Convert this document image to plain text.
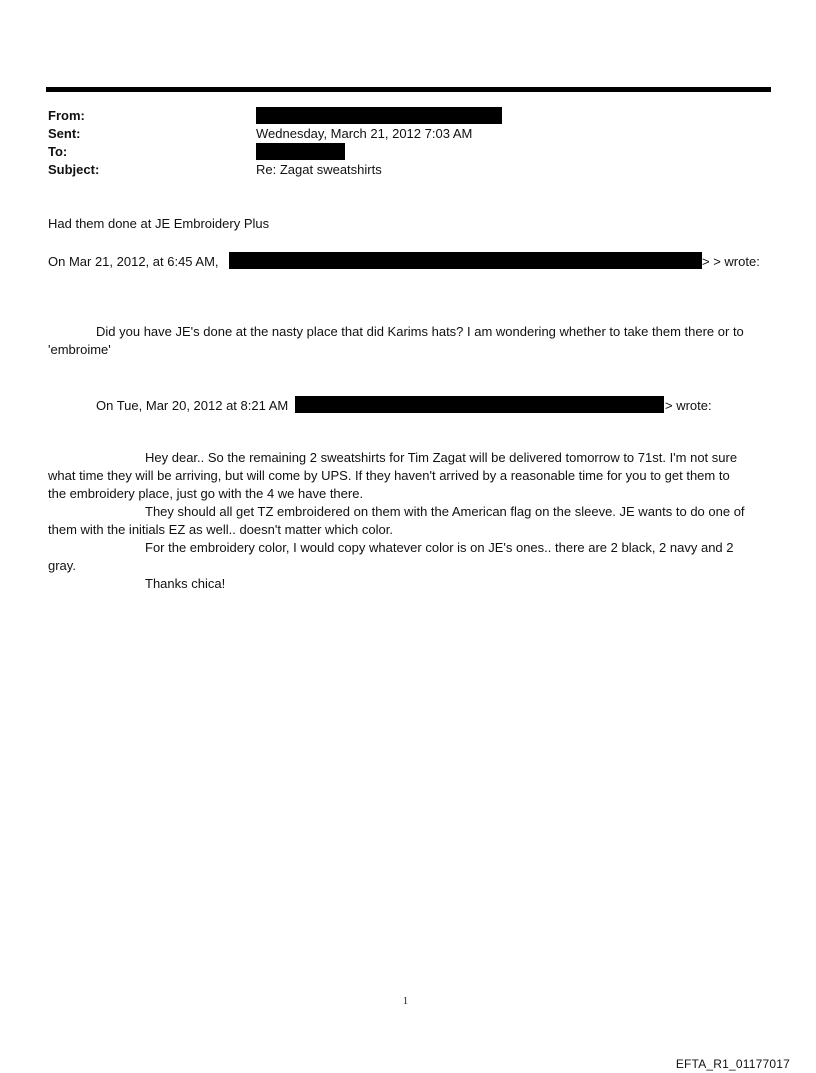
From:
Sent:	Wednesday, March 21, 2012 7:03 AM
To:
Subject:	Re: Zagat sweatshirts
Had them done at JE Embroidery Plus
On Mar 21, 2012, at 6:45 AM,	> > wrote:
Did you have JE's done at the nasty place that did Karims hats? I am wondering whether to take them there or to
'embroime'
On Tue, Mar 20, 2012 at 8:21 AM	> wrote:
Hey dear.. So the remaining 2 sweatshirts for Tim Zagat will be delivered tomorrow to 71st. I'm not sure
what time they will be arriving, but will come by UPS. If they haven't arrived by a reasonable time for you to get them to
the embroidery place, just go with the 4 we have there.
They should all get TZ embroidered on them with the American flag on the sleeve. JE wants to do one of
them with the initials EZ as well.. doesn't matter which color.
For the embroidery color, I would copy whatever color is on JE's ones.. there are 2 black, 2 navy and 2
gray.
Thanks chica!
1
EFTA_R1_01177017
